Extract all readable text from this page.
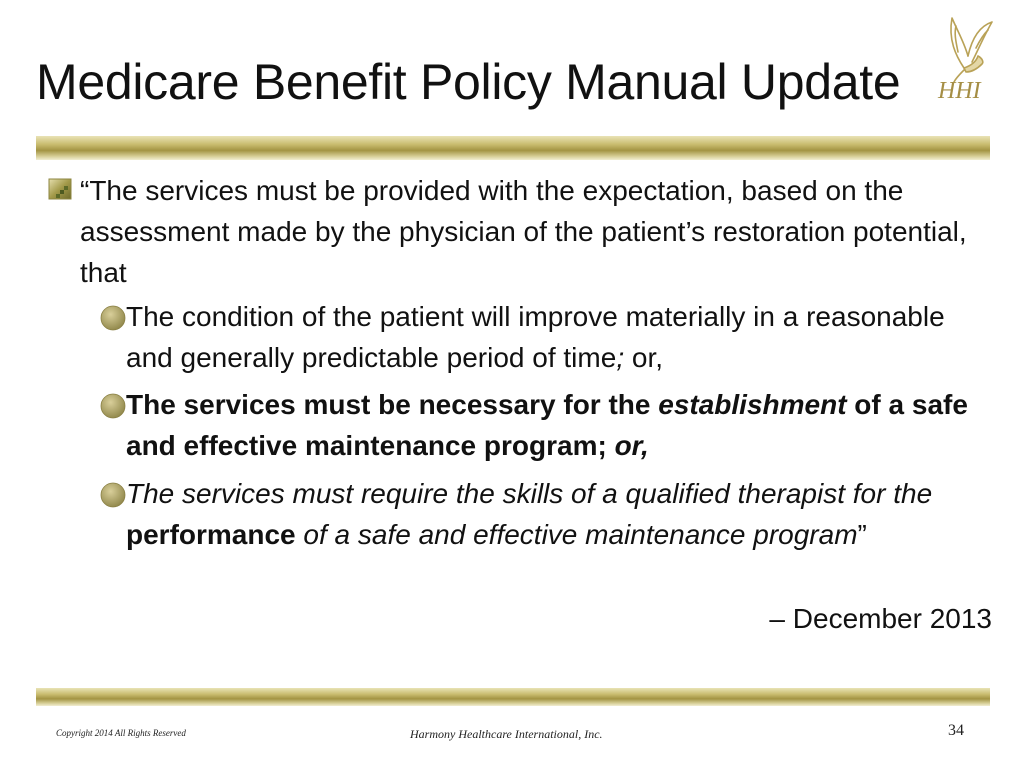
Medicare Benefit Policy Manual Update HHI

“The services must be provided with the expectation, based on the assessment made by the physician of the patient’s restoration potential, that

The condition of the patient will improve materially in a reasonable and generally predictable period of time; or,

The services must be necessary for the establishment of a safe and effective maintenance program; or,

The services must require the skills of a qualified therapist for the performance of a safe and effective maintenance program”

– December 2013
Copyright 2014 All Rights Reserved	Harmony Healthcare International, Inc.	34
